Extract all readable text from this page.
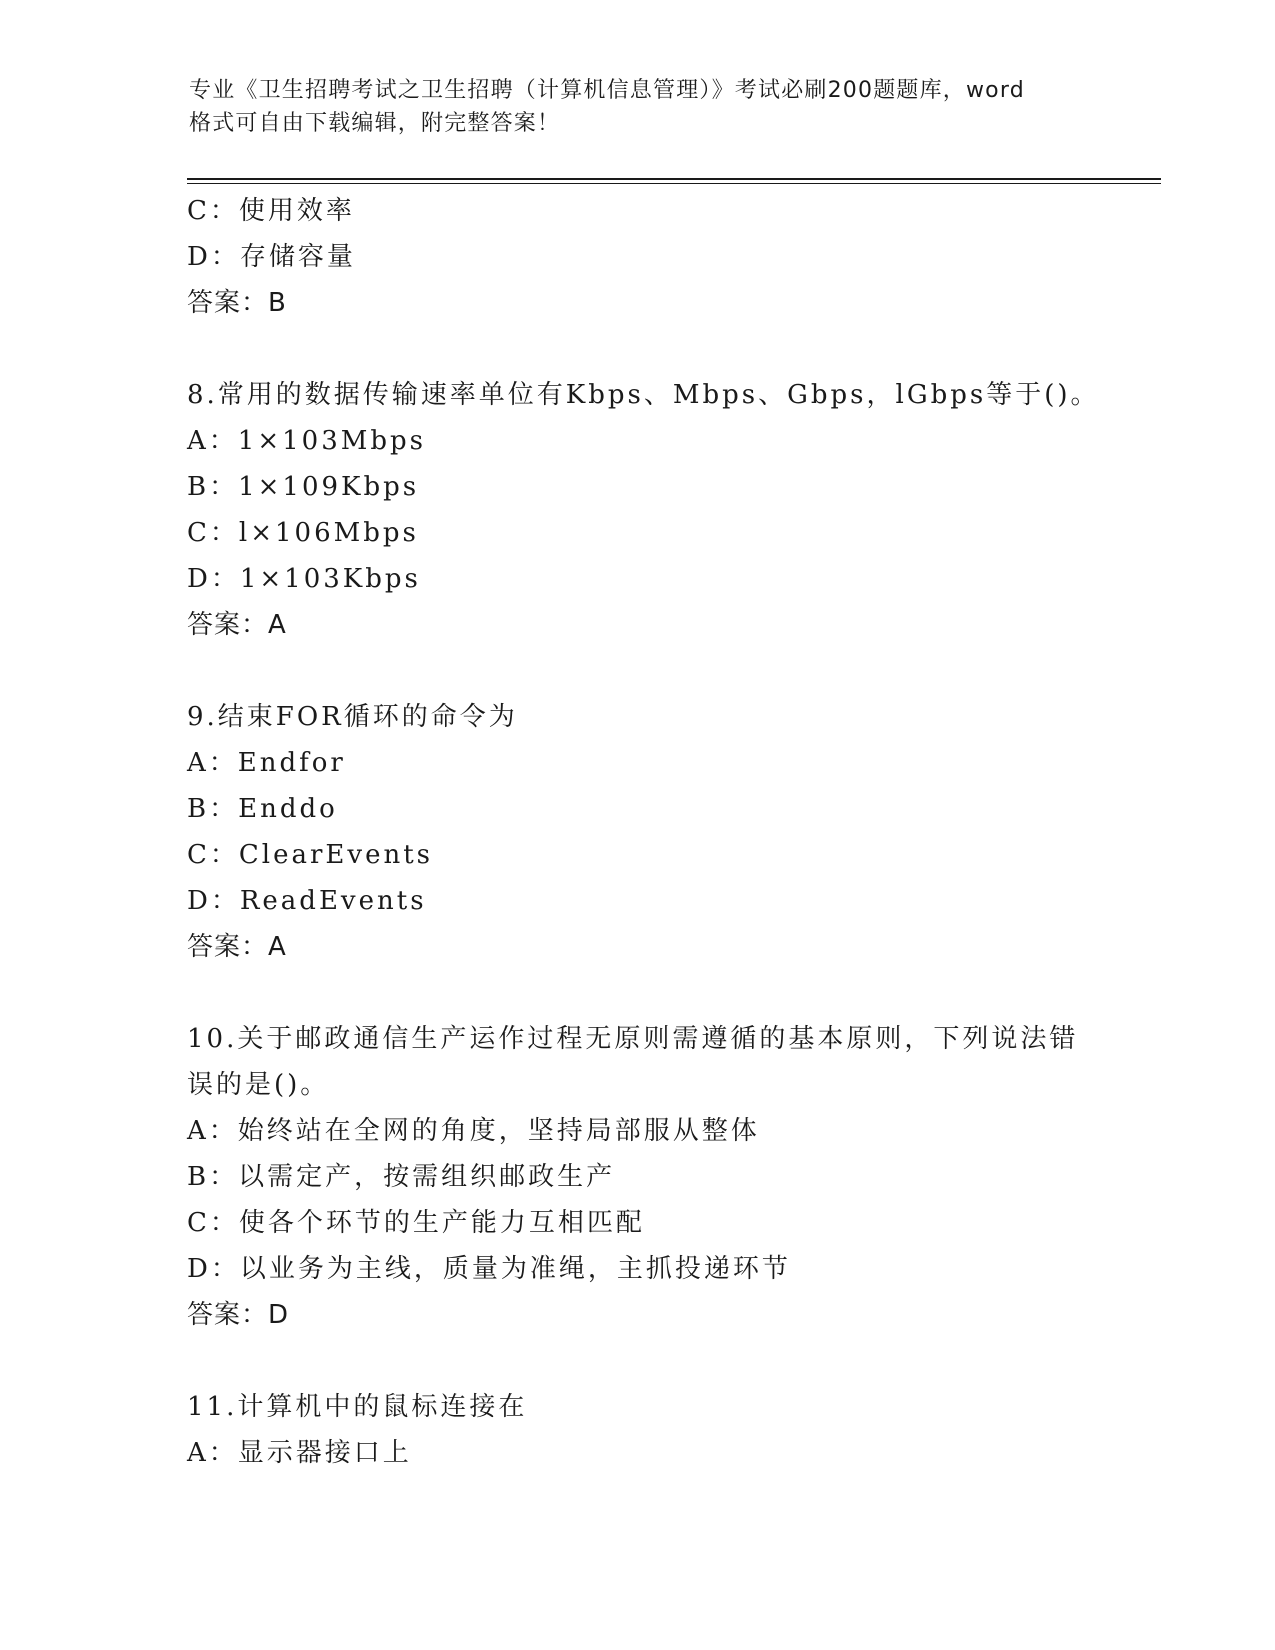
专业《卫生招聘考试之卫生招聘（计算机信息管理）》考试必刷200题题库，word
格式可自由下载编辑，附完整答案！
C：使用效率
D：存储容量
答案：B
8.常用的数据传输速率单位有Kbps、Mbps、Gbps，lGbps等于()。
A：1×103Mbps
B：1×109Kbps
C：l×106Mbps
D：1×103Kbps
答案：A
9.结束FOR循环的命令为
A：Endfor
B：Enddo
C：ClearEvents
D：ReadEvents
答案：A
10.关于邮政通信生产运作过程无原则需遵循的基本原则，下列说法错
误的是()。
A：始终站在全网的角度，坚持局部服从整体
B：以需定产，按需组织邮政生产
C：使各个环节的生产能力互相匹配
D：以业务为主线，质量为准绳，主抓投递环节
答案：D
11.计算机中的鼠标连接在
A：显示器接口上
